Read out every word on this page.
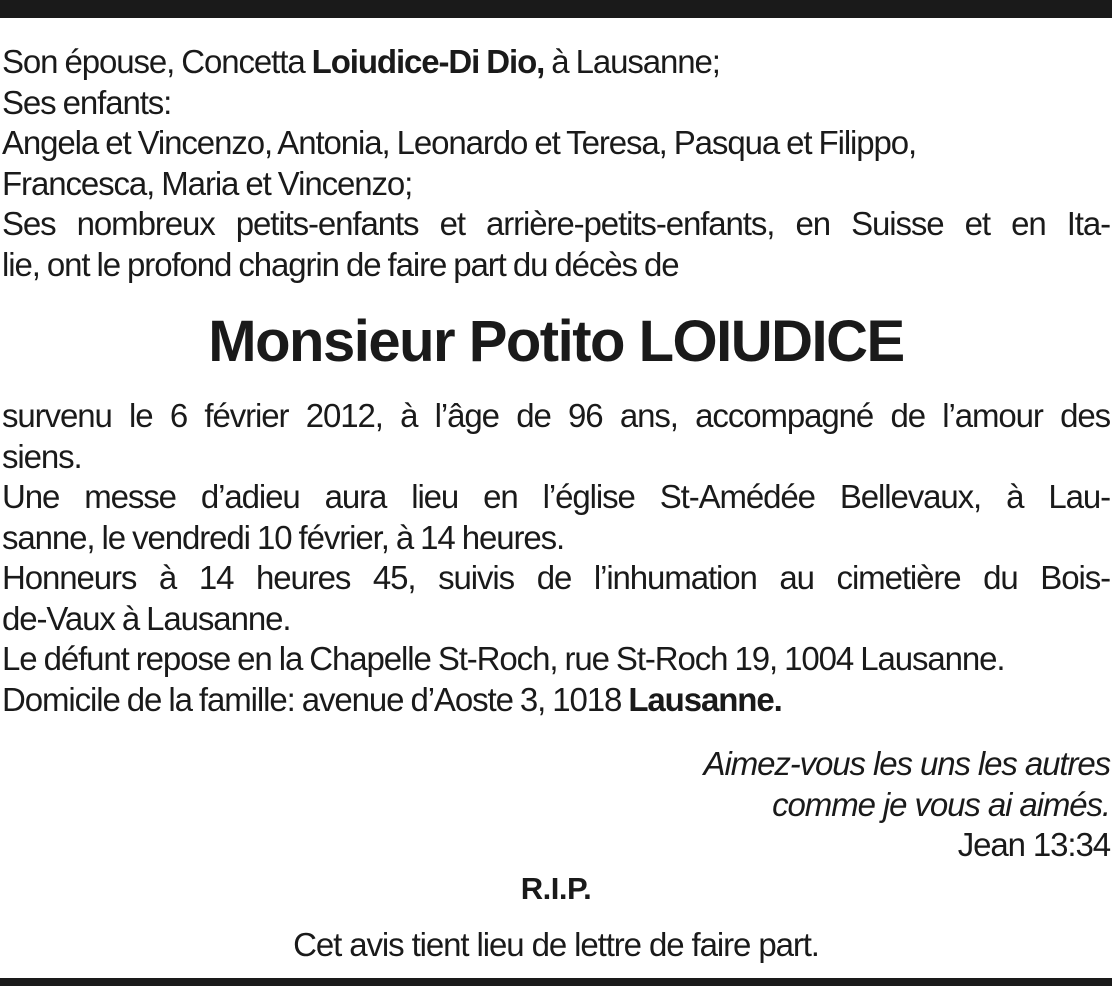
Son épouse, Concetta Loiudice-Di Dio, à Lausanne;
Ses enfants:
Angela et Vincenzo, Antonia, Leonardo et Teresa, Pasqua et Filippo,
Francesca, Maria et Vincenzo;
Ses nombreux petits-enfants et arrière-petits-enfants, en Suisse et en Ita-
lie, ont le profond chagrin de faire part du décès de
Monsieur Potito LOIUDICE
survenu le 6 février 2012, à l’âge de 96 ans, accompagné de l’amour des
siens.
Une messe d’adieu aura lieu en l’église St-Amédée Bellevaux, à Lau-
sanne, le vendredi 10 février, à 14 heures.
Honneurs à 14 heures 45, suivis de l’inhumation au cimetière du Bois-
de-Vaux à Lausanne.
Le défunt repose en la Chapelle St-Roch, rue St-Roch 19, 1004 Lausanne.
Domicile de la famille: avenue d’Aoste 3, 1018 Lausanne.
Aimez-vous les uns les autres
comme je vous ai aimés.
Jean 13:34
R.I.P.
Cet avis tient lieu de lettre de faire part.
